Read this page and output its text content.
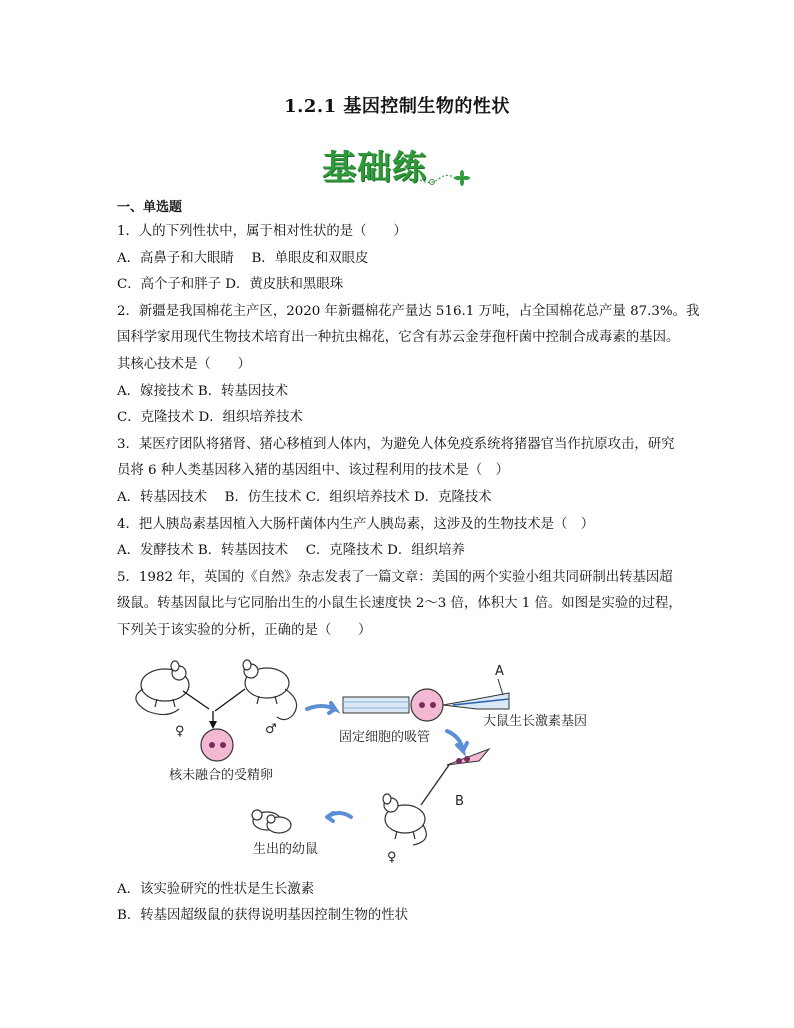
1.2.1 基因控制生物的性状
基础练
一、单选题
1．人的下列性状中，属于相对性状的是（　　）
A．高鼻子和大眼睛　 B．单眼皮和双眼皮
C．高个子和胖子 D．黄皮肤和黑眼珠
2．新疆是我国棉花主产区，2020 年新疆棉花产量达 516.1 万吨，占全国棉花总产量 87.3%。我
国科学家用现代生物技术培育出一种抗虫棉花，它含有苏云金芽孢杆菌中控制合成毒素的基因。
其核心技术是（　　）
A．嫁接技术 B．转基因技术
C．克隆技术 D．组织培养技术
3．某医疗团队将猪肾、猪心移植到人体内，为避免人体免疫系统将猪器官当作抗原攻击，研究
员将 6 种人类基因移入猪的基因组中、该过程利用的技术是（　）
A．转基因技术　 B．仿生技术 C．组织培养技术 D．克隆技术
4．把人胰岛素基因植入大肠杆菌体内生产人胰岛素，这涉及的生物技术是（　）
A．发酵技术 B．转基因技术　 C．克隆技术 D．组织培养
5．1982 年，英国的《自然》杂志发表了一篇文章：美国的两个实验小组共同研制出转基因超
级鼠。转基因鼠比与它同胎出生的小鼠生长速度快 2～3 倍，体积大 1 倍。如图是实验的过程，
下列关于该实验的分析，正确的是（　　）
♀	♂
核未融合的受精卵
固定细胞的吸管
A
大鼠生长激素基因
B
♀
生出的幼鼠
A．该实验研究的性状是生长激素
B．转基因超级鼠的获得说明基因控制生物的性状
